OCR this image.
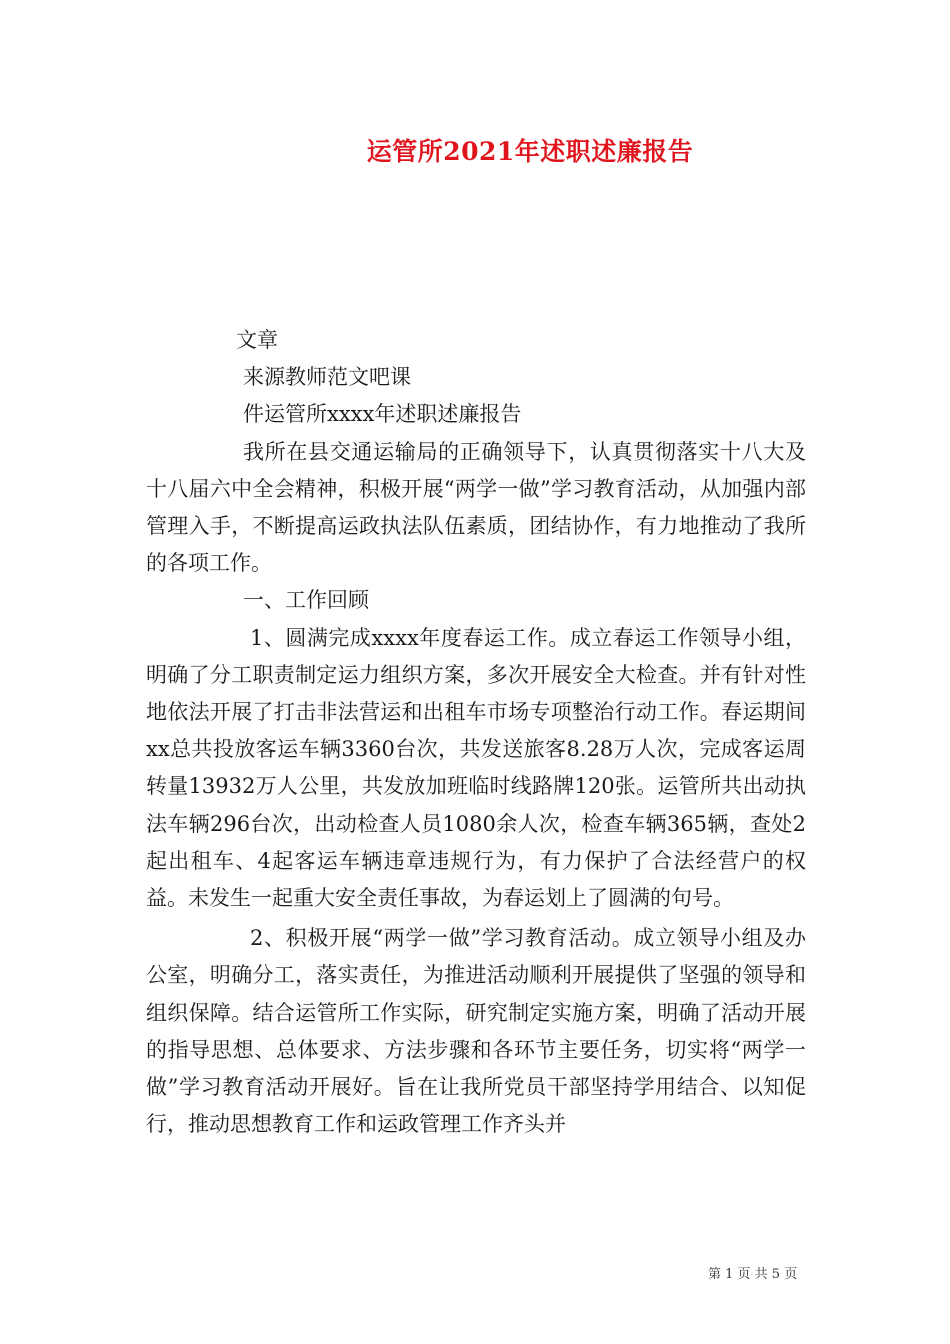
运管所2021年述职述廉报告

文章

来源教师范文吧课

件运管所xxxx年述职述廉报告

我所在县交通运输局的正确领导下，认真贯彻落实十八大及十八届六中全会精神，积极开展“两学一做”学习教育活动，从加强内部管理入手，不断提高运政执法队伍素质，团结协作，有力地推动了我所的各项工作。

一、工作回顾

1、圆满完成xxxx年度春运工作。成立春运工作领导小组，明确了分工职责制定运力组织方案，多次开展安全大检查。并有针对性地依法开展了打击非法营运和出租车市场专项整治行动工作。春运期间xx总共投放客运车辆3360台次，共发送旅客8.28万人次，完成客运周转量13932万人公里，共发放加班临时线路牌120张。运管所共出动执法车辆296台次，出动检查人员1080余人次，检查车辆365辆，查处2起出租车、4起客运车辆违章违规行为，有力保护了合法经营户的权益。未发生一起重大安全责任事故，为春运划上了圆满的句号。

2、积极开展“两学一做”学习教育活动。成立领导小组及办公室，明确分工，落实责任，为推进活动顺利开展提供了坚强的领导和组织保障。结合运管所工作实际，研究制定实施方案，明确了活动开展的指导思想、总体要求、方法步骤和各环节主要任务，切实将“两学一做”学习教育活动开展好。旨在让我所党员干部坚持学用结合、以知促行，推动思想教育工作和运政管理工作齐头并

第 1 页 共 5 页
